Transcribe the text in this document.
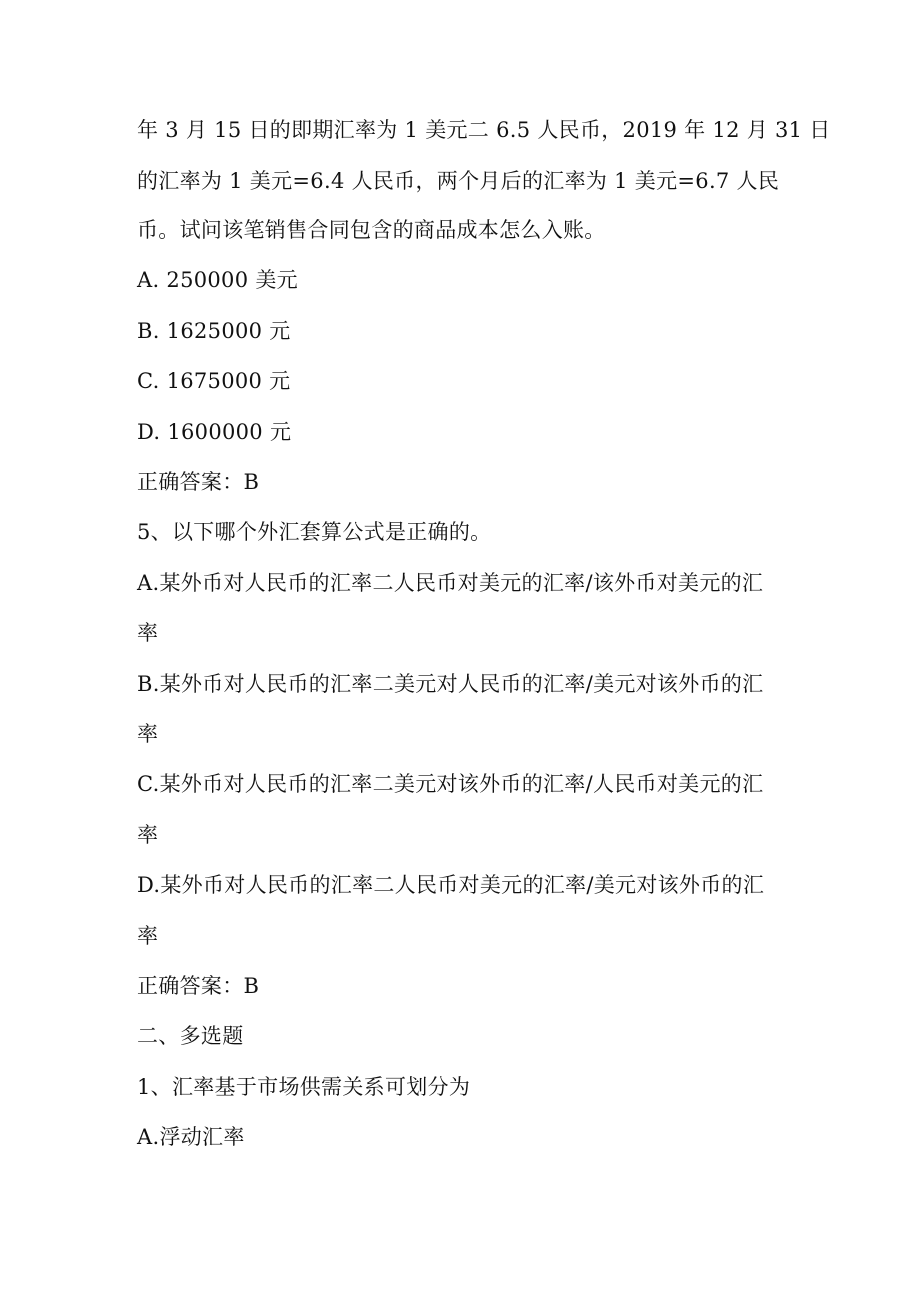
年 3 月 15 日的即期汇率为 1 美元二 6.5 人民币，2019 年 12 月 31 日
的汇率为 1 美元=6.4 人民币，两个月后的汇率为 1 美元=6.7 人民
币。试问该笔销售合同包含的商品成本怎么入账。
A. 250000 美元
B. 1625000 元
C. 1675000 元
D. 1600000 元
正确答案：B
5、以下哪个外汇套算公式是正确的。
A.某外币对人民币的汇率二人民币对美元的汇率/该外币对美元的汇
率
B.某外币对人民币的汇率二美元对人民币的汇率/美元对该外币的汇
率
C.某外币对人民币的汇率二美元对该外币的汇率/人民币对美元的汇
率
D.某外币对人民币的汇率二人民币对美元的汇率/美元对该外币的汇
率
正确答案：B
二、多选题
1、汇率基于市场供需关系可划分为
A.浮动汇率
